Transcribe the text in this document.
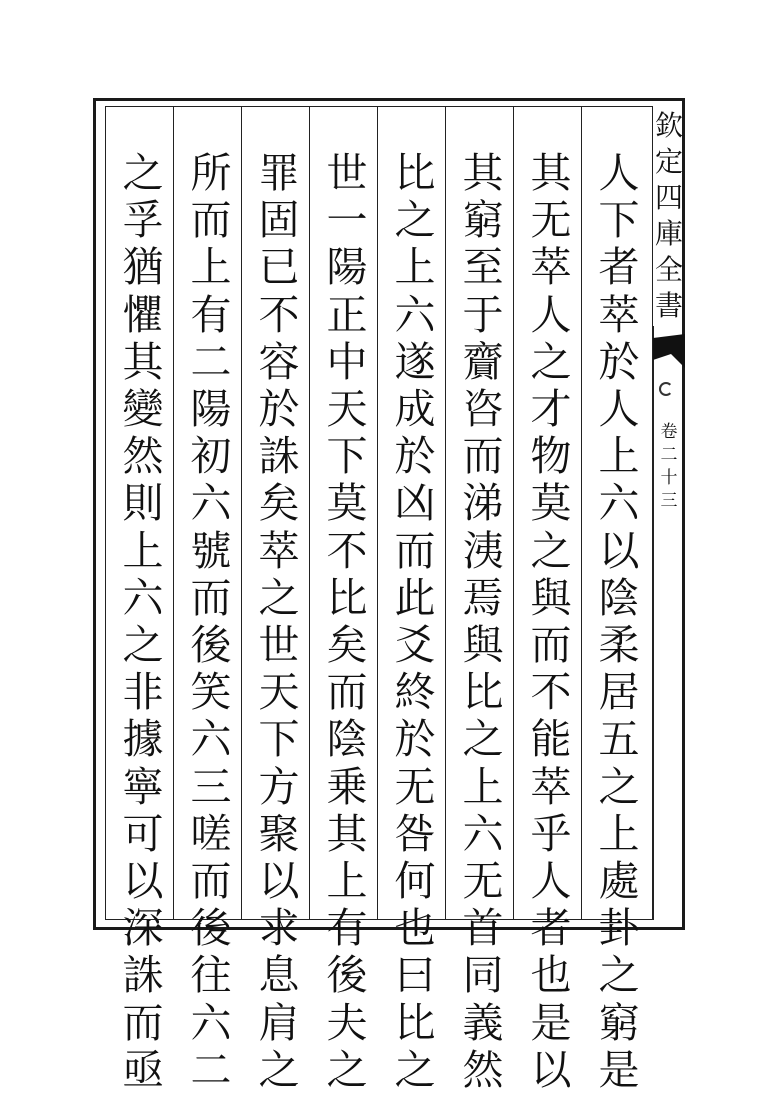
人下者萃於人上六以陰柔居五之上處卦之窮是
其无萃人之才物莫之與而不能萃乎人者也是以
其窮至于齎咨而涕洟焉與比之上六无首同義然
比之上六遂成於凶而此爻終於无咎何也曰比之
世一陽正中天下莫不比矣而陰乗其上有後夫之
罪固已不容於誅矣萃之世天下方聚以求息肩之
所而上有二陽初六號而後笑六三嗟而後往六二
之孚猶懼其變然則上六之非據寧可以深誅而亟
欽
定
四
庫
全
書
卷
二
十
三
